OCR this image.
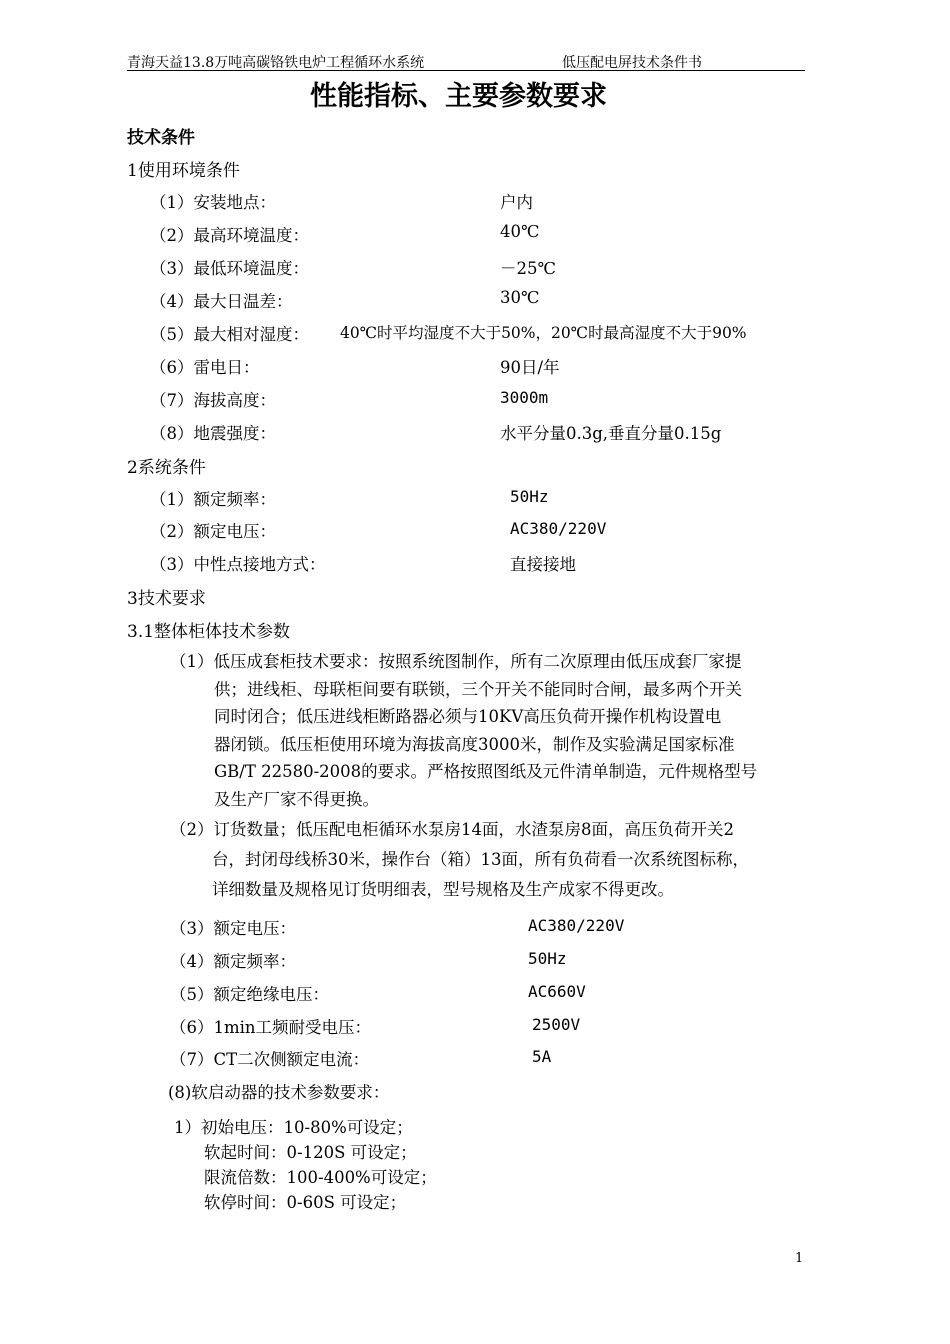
青海天益13.8万吨高碳铬铁电炉工程循环水系统	低压配电屏技术条件书
性能指标、主要参数要求
技术条件
1使用环境条件
（1）安装地点：	户内
（2）最高环境温度：	40℃
（3）最低环境温度：	－25℃
（4）最大日温差：	30℃
（5）最大相对湿度： 40℃时平均湿度不大于50%，20℃时最高湿度不大于90%
（6）雷电日：	90日/年
（7）海拔高度：	3000m
（8）地震强度：	水平分量0.3g,垂直分量0.15g
2系统条件
（1）额定频率：	50Hz
（2）额定电压：	AC380/220V
（3）中性点接地方式：	直接接地
3技术要求
3.1整体柜体技术参数
（1）低压成套柜技术要求：按照系统图制作，所有二次原理由低压成套厂家提
供；进线柜、母联柜间要有联锁，三个开关不能同时合闸，最多两个开关
同时闭合；低压进线柜断路器必须与10KV高压负荷开操作机构设置电
器闭锁。低压柜使用环境为海拔高度3000米，制作及实验满足国家标准
GB/T 22580-2008的要求。严格按照图纸及元件清单制造，元件规格型号
及生产厂家不得更换。
（2）订货数量；低压配电柜循环水泵房14面，水渣泵房8面，高压负荷开关2
台，封闭母线桥30米，操作台（箱）13面，所有负荷看一次系统图标称，
详细数量及规格见订货明细表，型号规格及生产成家不得更改。
（3）额定电压：	AC380/220V
（4）额定频率：	50Hz
（5）额定绝缘电压：	AC660V
（6）1min工频耐受电压：	2500V
（7）CT二次侧额定电流：	5A
(8)软启动器的技术参数要求：
1）初始电压：10-80%可设定；
软起时间：0-120S 可设定；
限流倍数：100-400%可设定；
软停时间：0-60S 可设定；
1
